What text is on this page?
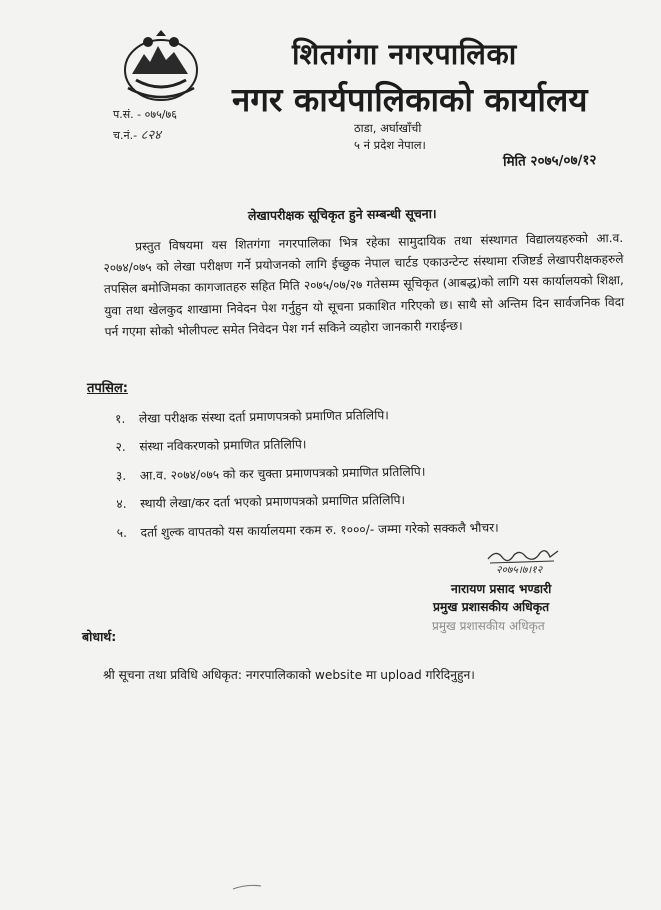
शितगंगा नगरपालिका
नगर कार्यपालिकाको कार्यालय
ठाडा, अर्घाखाँची
५ नं प्रदेश नेपाल।
प.सं. - ०७५/७६
च.नं.- ८२४
मिति २०७५/०७/१२
लेखापरीक्षक सूचिकृत हुने सम्बन्धी सूचना।
प्रस्तुत विषयमा यस शितगंगा नगरपालिका भित्र रहेका सामुदायिक तथा संस्थागत विद्यालयहरुको आ.व. २०७४/०७५ को लेखा परीक्षण गर्ने प्रयोजनको लागि ईच्छुक नेपाल चार्टड एकाउन्टेन्ट संस्थामा रजिष्टर्ड लेखापरीक्षकहरुले तपसिल बमोजिमका कागजातहरु सहित मिति २०७५/०७/२७ गतेसम्म सूचिकृत (आबद्ध)को लागि यस कार्यालयको शिक्षा, युवा तथा खेलकुद शाखामा निवेदन पेश गर्नुहुन यो सूचना प्रकाशित गरिएको छ। साथै सो अन्तिम दिन सार्वजनिक विदा पर्न गएमा सोको भोलीपल्ट समेत निवेदन पेश गर्न सकिने व्यहोरा जानकारी गराईन्छ।
तपसिल:
१. लेखा परीक्षक संस्था दर्ता प्रमाणपत्रको प्रमाणित प्रतिलिपि।
२. संस्था नविकरणको प्रमाणित प्रतिलिपि।
३. आ.व. २०७४/०७५ को कर चुक्ता प्रमाणपत्रको प्रमाणित प्रतिलिपि।
४. स्थायी लेखा/कर दर्ता भएको प्रमाणपत्रको प्रमाणित प्रतिलिपि।
५. दर्ता शुल्क वापतको यस कार्यालयमा रकम रु. १०००/- जम्मा गरेको सक्कलै भौचर।
२०७५।७।१२
नारायण प्रसाद भण्डारी
प्रमुख प्रशासकीय अधिकृत
प्रमुख प्रशासकीय अधिकृत
बोधार्थ:
श्री सूचना तथा प्रविधि अधिकृत: नगरपालिकाको website मा upload गरिदिनुहुन।
